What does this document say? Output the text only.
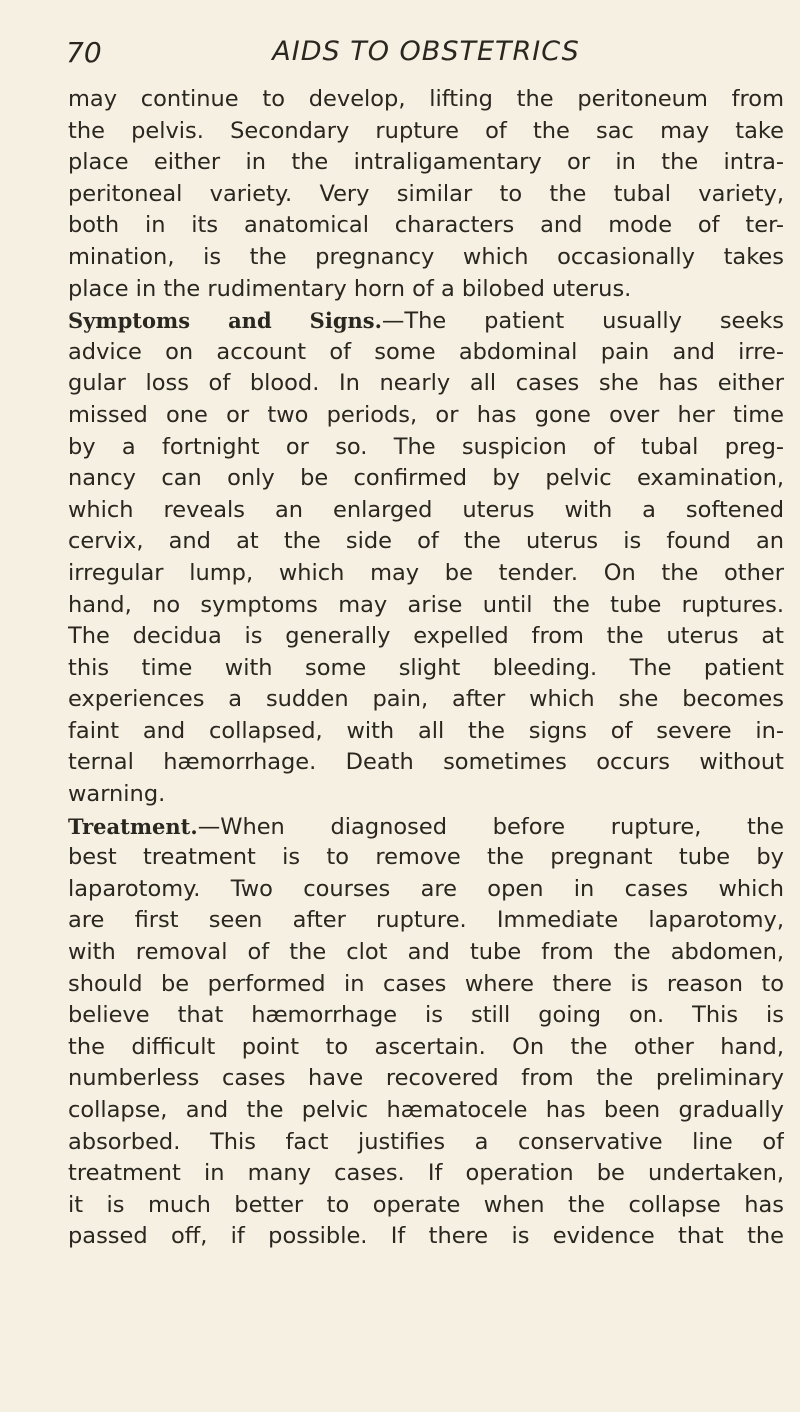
70	AIDS TO OBSTETRICS
may continue to develop, lifting the peritoneum from
the pelvis. Secondary rupture of the sac may take
place either in the intraligamentary or in the intra-
peritoneal variety. Very similar to the tubal variety,
both in its anatomical characters and mode of ter-
mination, is the pregnancy which occasionally takes
place in the rudimentary horn of a bilobed uterus.
Symptoms and Signs.—The patient usually seeks
advice on account of some abdominal pain and irre-
gular loss of blood. In nearly all cases she has either
missed one or two periods, or has gone over her time
by a fortnight or so. The suspicion of tubal preg-
nancy can only be confirmed by pelvic examination,
which reveals an enlarged uterus with a softened
cervix, and at the side of the uterus is found an
irregular lump, which may be tender. On the other
hand, no symptoms may arise until the tube ruptures.
The decidua is generally expelled from the uterus at
this time with some slight bleeding. The patient
experiences a sudden pain, after which she becomes
faint and collapsed, with all the signs of severe in-
ternal hæmorrhage. Death sometimes occurs without
warning.
Treatment.—When diagnosed before rupture, the
best treatment is to remove the pregnant tube by
laparotomy. Two courses are open in cases which
are first seen after rupture. Immediate laparotomy,
with removal of the clot and tube from the abdomen,
should be performed in cases where there is reason to
believe that hæmorrhage is still going on. This is
the difficult point to ascertain. On the other hand,
numberless cases have recovered from the preliminary
collapse, and the pelvic hæmatocele has been gradually
absorbed. This fact justifies a conservative line of
treatment in many cases. If operation be undertaken,
it is much better to operate when the collapse has
passed off, if possible. If there is evidence that the
